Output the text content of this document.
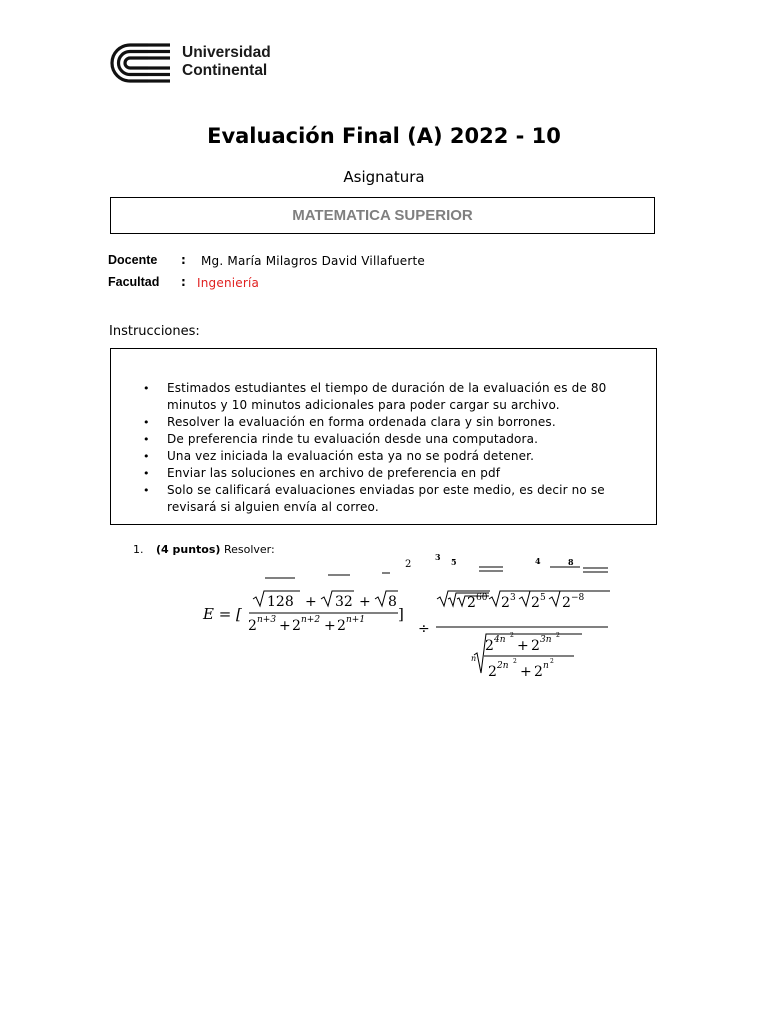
Universidad
Continental
Evaluación Final (A) 2022 - 10
Asignatura
MATEMATICA SUPERIOR
Docente : Mg. María Milagros David Villafuerte
Facultad : Ingeniería
Instrucciones:
• Estimados estudiantes el tiempo de duración de la evaluación es de 80 minutos y 10 minutos adicionales para poder cargar su archivo.
• Resolver la evaluación en forma ordenada clara y sin borrones.
• De preferencia rinde tu evaluación desde una computadora.
• Una vez iniciada la evaluación esta ya no se podrá detener.
• Enviar las soluciones en archivo de preferencia en pdf
• Solo se calificará evaluaciones enviadas por este medio, es decir no se revisará si alguien envía al correo.
1. (4 puntos) Resolver:
2
3 5	4	8
E = [
128 + 32 + 8
2 n+3 + 2 n+2 + 2 n+1 ]
÷
2 60 2 3 2 5 2 −8
n
2 4n 2
+ 2 3n 2
2 2n 2
+ 2 n 2
